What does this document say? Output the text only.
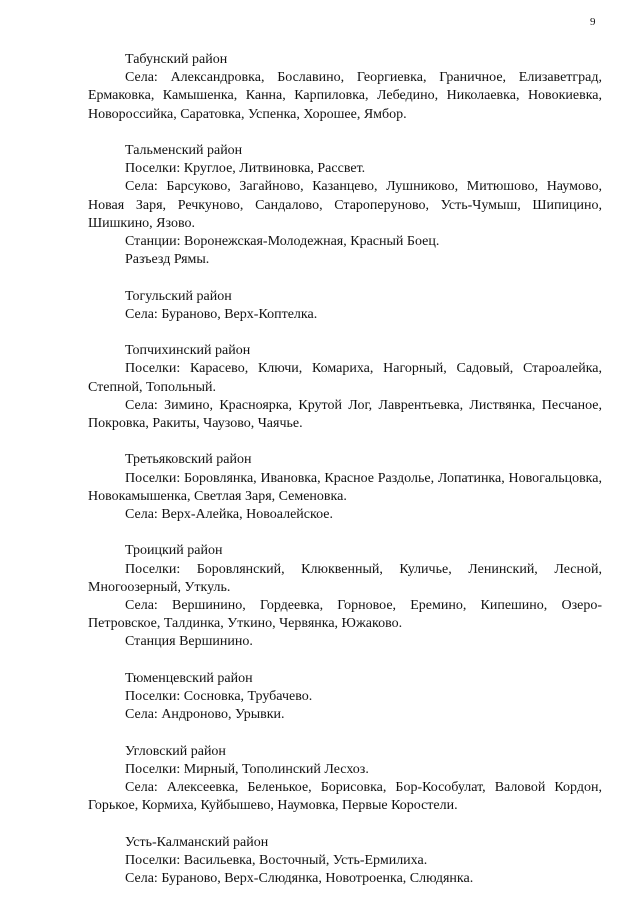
9

Табунский район

Села: Александровка, Бославино, Георгиевка, Граничное, Елизаветград, Ермаковка, Камышенка, Канна, Карпиловка, Лебедино, Николаевка, Новокиевка, Новороссийка, Саратовка, Успенка, Хорошее, Ямбор.

Тальменский район

Поселки: Круглое, Литвиновка, Рассвет.

Села: Барсуково, Загайново, Казанцево, Лушниково, Митюшово, Наумово, Новая Заря, Речкуново, Сандалово, Староперуново, Усть-Чумыш, Шипицино, Шишкино, Язово.

Станции: Воронежская-Молодежная, Красный Боец.

Разъезд Рямы.

Тогульский район

Села: Бураново, Верх-Коптелка.

Топчихинский район

Поселки: Карасево, Ключи, Комариха, Нагорный, Садовый, Староалейка, Степной, Топольный.

Села: Зимино, Красноярка, Крутой Лог, Лаврентьевка, Листвянка, Песчаное, Покровка, Ракиты, Чаузово, Чаячье.

Третьяковский район

Поселки: Боровлянка, Ивановка, Красное Раздолье, Лопатинка, Новогальцовка, Новокамышенка, Светлая Заря, Семеновка.

Села: Верх-Алейка, Новоалейское.

Троицкий район

Поселки: Боровлянский, Клюквенный, Куличье, Ленинский, Лесной, Многоозерный, Уткуль.

Села: Вершинино, Гордеевка, Горновое, Еремино, Кипешино, Озеро-Петровское, Талдинка, Уткино, Червянка, Южаково.

Станция Вершинино.

Тюменцевский район

Поселки: Сосновка, Трубачево.

Села: Андроново, Урывки.

Угловский район

Поселки: Мирный, Тополинский Лесхоз.

Села: Алексеевка, Беленькое, Борисовка, Бор-Кособулат, Валовой Кордон, Горькое, Кормиха, Куйбышево, Наумовка, Первые Коростели.

Усть-Калманский район

Поселки: Васильевка, Восточный, Усть-Ермилиха.

Села: Бураново, Верх-Слюдянка, Новотроенка, Слюдянка.
